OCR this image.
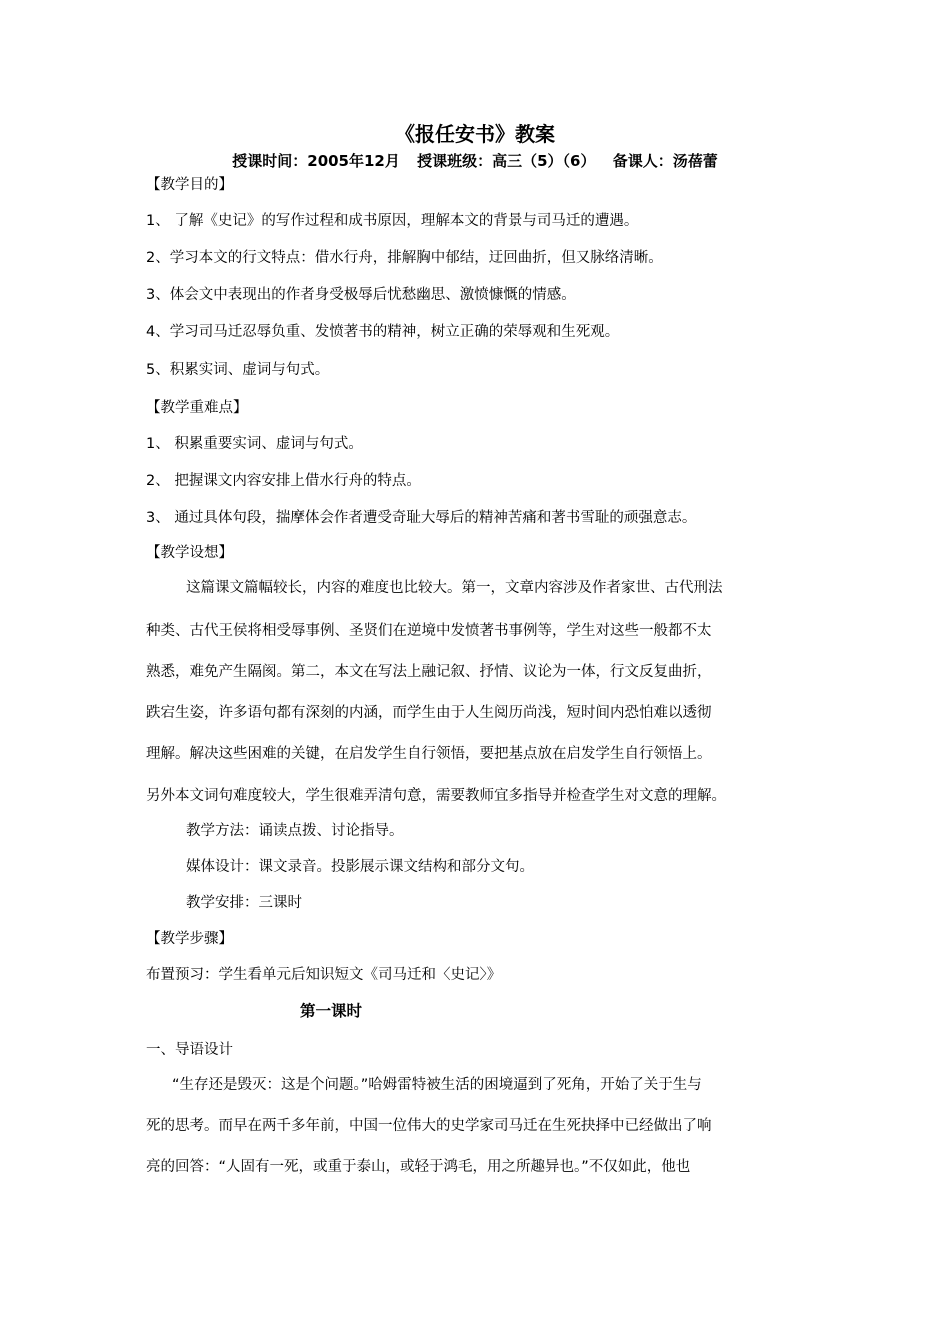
《报任安书》教案
授课时间：2005年12月 授课班级：高三（5）（6） 备课人：汤蓓蕾
【教学目的】
1、 了解《史记》的写作过程和成书原因，理解本文的背景与司马迁的遭遇。
2、学习本文的行文特点：借水行舟，排解胸中郁结，迂回曲折，但又脉络清晰。
3、体会文中表现出的作者身受极辱后忧愁幽思、激愤慷慨的情感。
4、学习司马迁忍辱负重、发愤著书的精神，树立正确的荣辱观和生死观。
5、积累实词、虚词与句式。
【教学重难点】
1、 积累重要实词、虚词与句式。
2、 把握课文内容安排上借水行舟的特点。
3、 通过具体句段，揣摩体会作者遭受奇耻大辱后的精神苦痛和著书雪耻的顽强意志。
【教学设想】
这篇课文篇幅较长，内容的难度也比较大。第一，文章内容涉及作者家世、古代刑法
种类、古代王侯将相受辱事例、圣贤们在逆境中发愤著书事例等，学生对这些一般都不太
熟悉，难免产生隔阂。第二，本文在写法上融记叙、抒情、议论为一体，行文反复曲折，
跌宕生姿，许多语句都有深刻的内涵，而学生由于人生阅历尚浅，短时间内恐怕难以透彻
理解。解决这些困难的关键，在启发学生自行领悟，要把基点放在启发学生自行领悟上。
另外本文词句难度较大，学生很难弄清句意，需要教师宜多指导并检查学生对文意的理解。
教学方法：诵读点拨、讨论指导。
媒体设计：课文录音。投影展示课文结构和部分文句。
教学安排：三课时
【教学步骤】
布置预习：学生看单元后知识短文《司马迁和〈史记〉》
第一课时
一、导语设计
“生存还是毁灭：这是个问题。”哈姆雷特被生活的困境逼到了死角，开始了关于生与
死的思考。而早在两千多年前，中国一位伟大的史学家司马迁在生死抉择中已经做出了响
亮的回答：“人固有一死，或重于泰山，或轻于鸿毛，用之所趣异也。”不仅如此，他也
